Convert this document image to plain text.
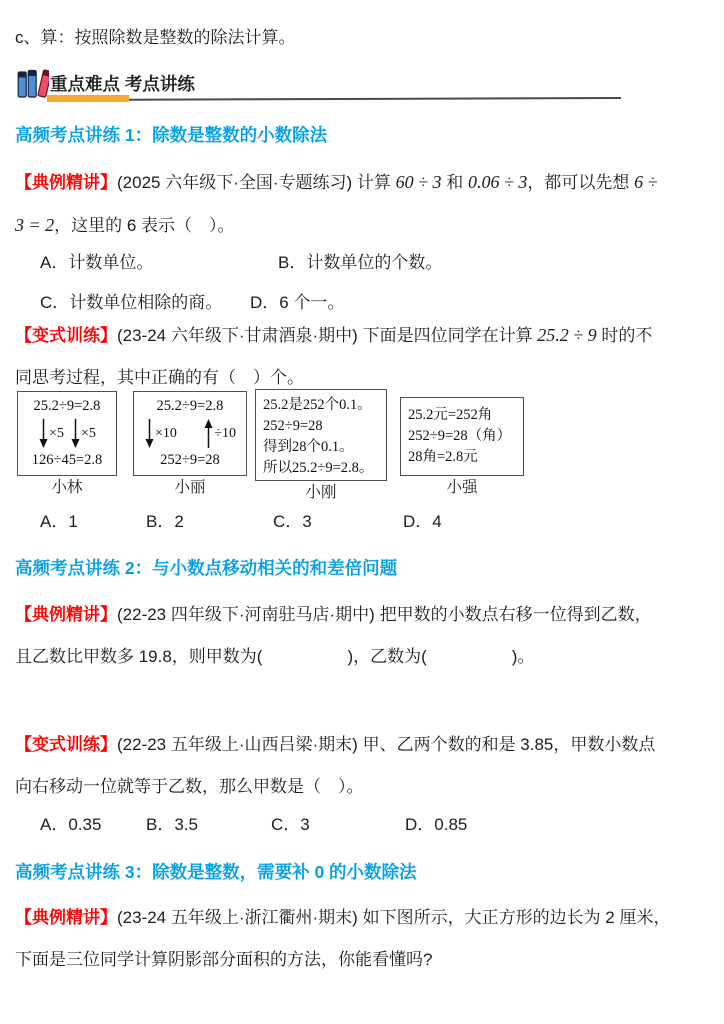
c、算：按照除数是整数的除法计算。
重点难点 考点讲练
高频考点讲练 1：除数是整数的小数除法
【典例精讲】(2025 六年级下·全国·专题练习) 计算 60 ÷ 3 和 0.06 ÷ 3，都可以先想 6 ÷
3 = 2，这里的 6 表示（　）。
A．计数单位。	B．计数单位的个数。
C．计数单位相除的商。	D．6 个一。
【变式训练】(23-24 六年级下·甘肃酒泉·期中) 下面是四位同学在计算 25.2 ÷ 9 时的不
同思考过程，其中正确的有（　）个。
25.2÷9=2.8
×5 ×5
126÷45=2.8
小林
25.2÷9=2.8
×10	÷10
252÷9=28
小丽
25.2是252个0.1。
252÷9=28
得到28个0.1。
所以25.2÷9=2.8。
小刚
25.2元=252角
252÷9=28（角）
28角=2.8元
小强
A．1	B．2	C．3	D．4
高频考点讲练 2：与小数点移动相关的和差倍问题
【典例精讲】(22-23 四年级下·河南驻马店·期中) 把甲数的小数点右移一位得到乙数，
且乙数比甲数多 19.8，则甲数为(　　　　　)，乙数为(　　　　　)。
【变式训练】(22-23 五年级上·山西吕梁·期末) 甲、乙两个数的和是 3.85，甲数小数点
向右移动一位就等于乙数，那么甲数是（　）。
A．0.35	B．3.5	C．3	D．0.85
高频考点讲练 3：除数是整数，需要补 0 的小数除法
【典例精讲】(23-24 五年级上·浙江衢州·期末) 如下图所示，大正方形的边长为 2 厘米，
下面是三位同学计算阴影部分面积的方法，你能看懂吗?
